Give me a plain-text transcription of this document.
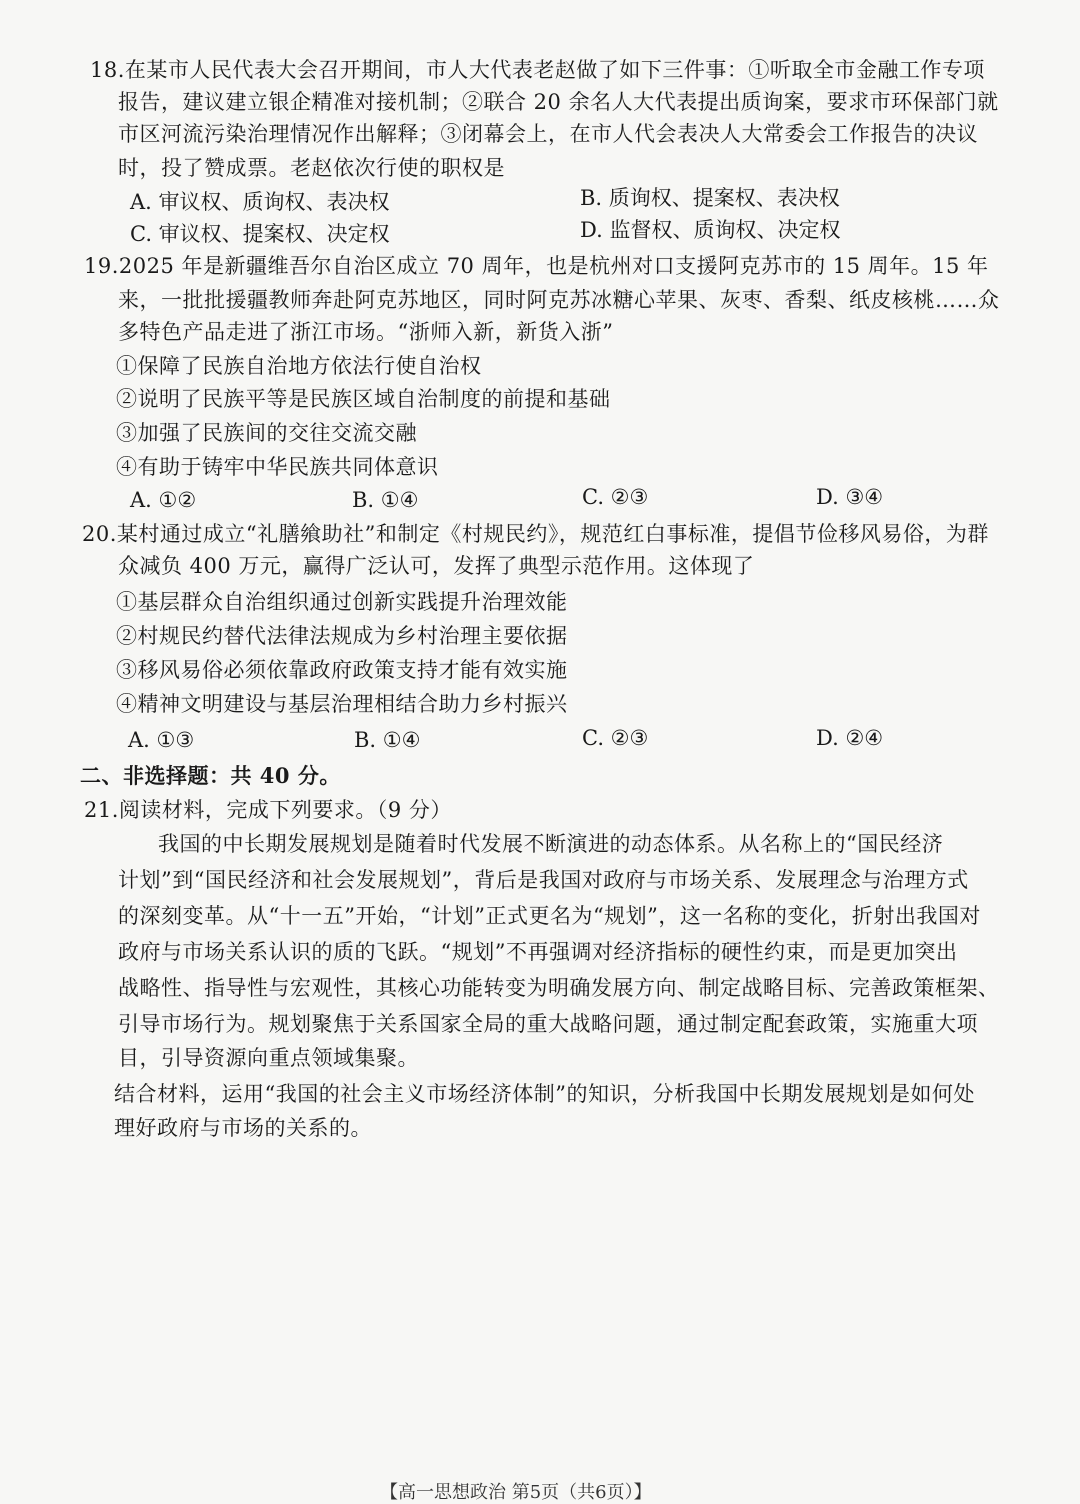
18.在某市人民代表大会召开期间，市人大代表老赵做了如下三件事：①听取全市金融工作专项
报告，建议建立银企精准对接机制；②联合 20 余名人大代表提出质询案，要求市环保部门就
市区河流污染治理情况作出解释；③闭幕会上，在市人代会表决人大常委会工作报告的决议
时，投了赞成票。老赵依次行使的职权是
A. 审议权、质询权、表决权	B. 质询权、提案权、表决权
C. 审议权、提案权、决定权	D. 监督权、质询权、决定权
19.2025 年是新疆维吾尔自治区成立 70 周年，也是杭州对口支援阿克苏市的 15 周年。15 年
来，一批批援疆教师奔赴阿克苏地区，同时阿克苏冰糖心苹果、灰枣、香梨、纸皮核桃……众
多特色产品走进了浙江市场。“浙师入新，新货入浙”
①保障了民族自治地方依法行使自治权
②说明了民族平等是民族区域自治制度的前提和基础
③加强了民族间的交往交流交融
④有助于铸牢中华民族共同体意识
A. ①②	B. ①④	C. ②③	D. ③④
20.某村通过成立“礼膳飨助社”和制定《村规民约》，规范红白事标准，提倡节俭移风易俗，为群
众减负 400 万元，赢得广泛认可，发挥了典型示范作用。这体现了
①基层群众自治组织通过创新实践提升治理效能
②村规民约替代法律法规成为乡村治理主要依据
③移风易俗必须依靠政府政策支持才能有效实施
④精神文明建设与基层治理相结合助力乡村振兴
A. ①③	B. ①④	C. ②③	D. ②④
二、非选择题：共 40 分。
21.阅读材料，完成下列要求。（9 分）
我国的中长期发展规划是随着时代发展不断演进的动态体系。从名称上的“国民经济
计划”到“国民经济和社会发展规划”，背后是我国对政府与市场关系、发展理念与治理方式
的深刻变革。从“十一五”开始，“计划”正式更名为“规划”，这一名称的变化，折射出我国对
政府与市场关系认识的质的飞跃。“规划”不再强调对经济指标的硬性约束，而是更加突出
战略性、指导性与宏观性，其核心功能转变为明确发展方向、制定战略目标、完善政策框架、
引导市场行为。规划聚焦于关系国家全局的重大战略问题，通过制定配套政策，实施重大项
目，引导资源向重点领域集聚。
结合材料，运用“我国的社会主义市场经济体制”的知识，分析我国中长期发展规划是如何处
理好政府与市场的关系的。
【高一思想政治 第5页（共6页）】
